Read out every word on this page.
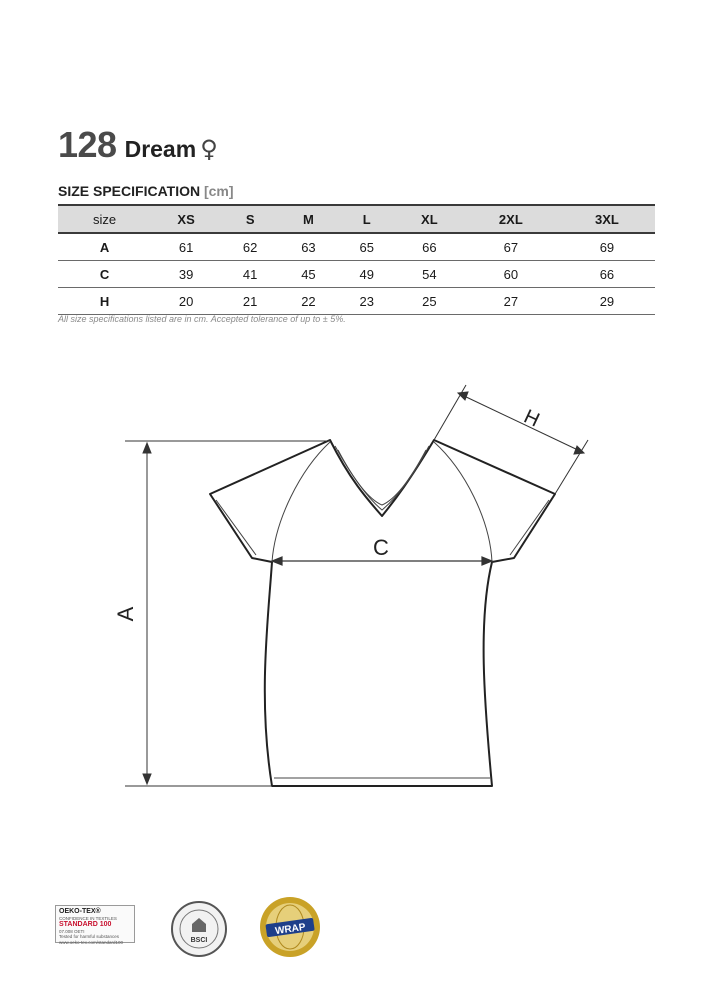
128 Dream ♀
SIZE SPECIFICATION [cm]
size	XS	S	M	L	XL	2XL	3XL
A	61	62	63	65	66	67	69
C	39	41	45	49	54	60	66
H	20	21	22	23	25	27	29
All size specifications listed are in cm. Accepted tolerance of up to ± 5%.
A
C
H
OEKO-TEX®
CONFIDENCE IN TEXTILES
STANDARD 100
07.008 OETI
Tested for harmful substances www.oeko-tex.com/standard100	BSCI
WRAP
